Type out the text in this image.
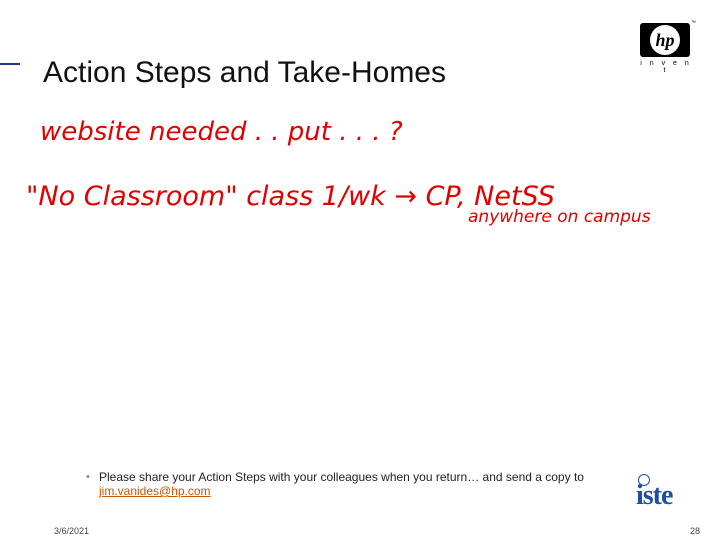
Action Steps and Take-Homes
hp
™
i n v e n t
website needed . . put . . . ?
"No Classroom" class 1/wk → CP, NetSS
anywhere on campus
• Please share your Action Steps with your colleagues when you return… and send a copy to jim.vanides@hp.com	iste
3/6/2021	28
